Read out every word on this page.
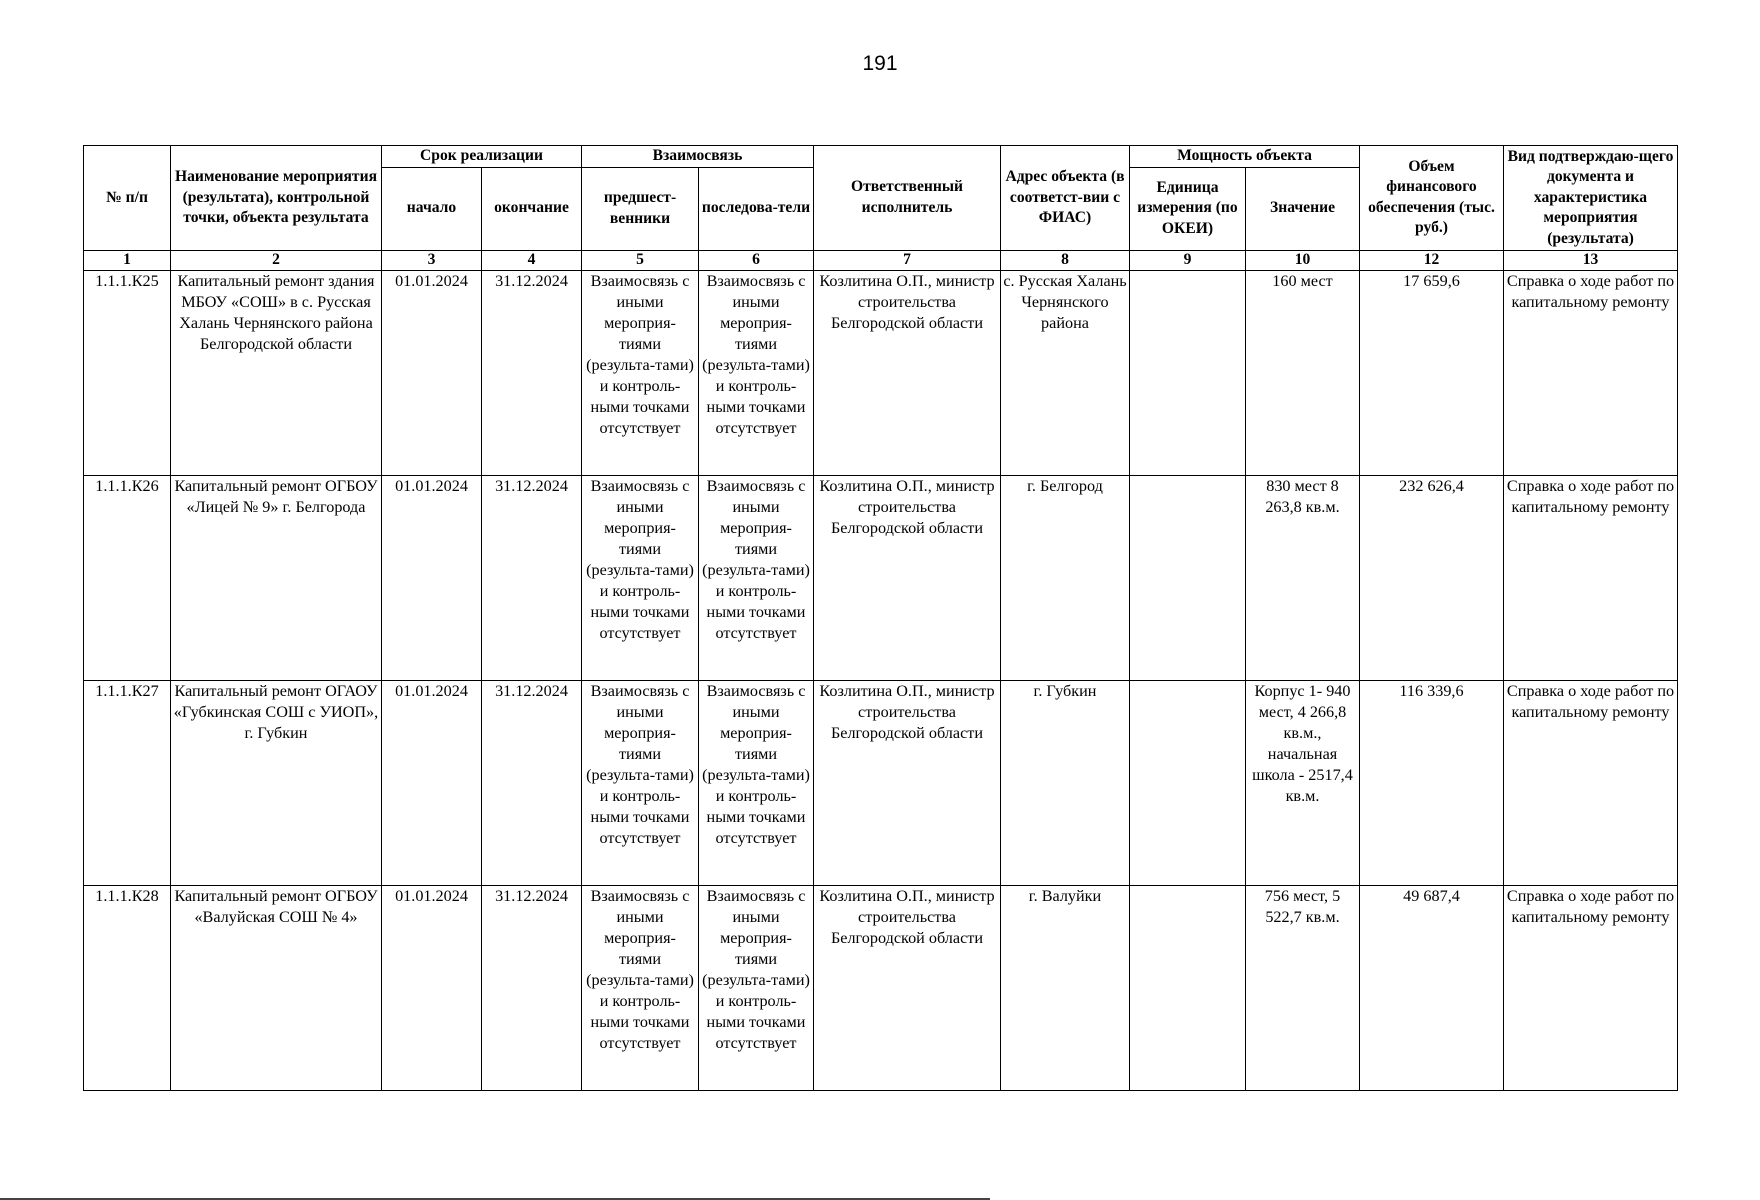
191
№ п/п	Наименование мероприятия (результата), контрольной точки, объекта результата	Срок реализации		Взаимосвязь		Ответственный исполнитель	Адрес объекта (в соответст-вии с ФИАС)	Мощность объекта		Объем финансового обеспечения (тыс. руб.)	Вид подтверждаю-щего документа и характеристика мероприятия (результата)
		начало	окончание	предшест-венники	последова-тели			Единица измерения (по ОКЕИ)	Значение		
1	2	3	4	5	6	7	8	9	10	12	13
1.1.1.К25	Капитальный ремонт здания МБОУ «СОШ» в с. Русская Халань Чернянского района Белгородской области	01.01.2024	31.12.2024	Взаимосвязь с иными мероприя-тиями (результа-тами) и контроль-ными точками отсутствует	Взаимосвязь с иными мероприя-тиями (результа-тами) и контроль-ными точками отсутствует	Козлитина О.П., министр строительства Белгородской области	с. Русская Халань Чернянского района		160 мест	17 659,6	Справка о ходе работ по капитальному ремонту
1.1.1.К26	Капитальный ремонт ОГБОУ «Лицей № 9» г. Белгорода	01.01.2024	31.12.2024	Взаимосвязь с иными мероприя-тиями (результа-тами) и контроль-ными точками отсутствует	Взаимосвязь с иными мероприя-тиями (результа-тами) и контроль-ными точками отсутствует	Козлитина О.П., министр строительства Белгородской области	г. Белгород		830 мест 8 263,8 кв.м.	232 626,4	Справка о ходе работ по капитальному ремонту
1.1.1.К27	Капитальный ремонт ОГАОУ «Губкинская СОШ с УИОП», г. Губкин	01.01.2024	31.12.2024	Взаимосвязь с иными мероприя-тиями (результа-тами) и контроль-ными точками отсутствует	Взаимосвязь с иными мероприя-тиями (результа-тами) и контроль-ными точками отсутствует	Козлитина О.П., министр строительства Белгородской области	г. Губкин		Корпус 1- 940 мест, 4 266,8 кв.м., начальная школа - 2517,4 кв.м.	116 339,6	Справка о ходе работ по капитальному ремонту
1.1.1.К28	Капитальный ремонт ОГБОУ «Валуйская СОШ № 4»	01.01.2024	31.12.2024	Взаимосвязь с иными мероприя-тиями (результа-тами) и контроль-ными точками отсутствует	Взаимосвязь с иными мероприя-тиями (результа-тами) и контроль-ными точками отсутствует	Козлитина О.П., министр строительства Белгородской области	г. Валуйки		756 мест, 5 522,7 кв.м.	49 687,4	Справка о ходе работ по капитальному ремонту
